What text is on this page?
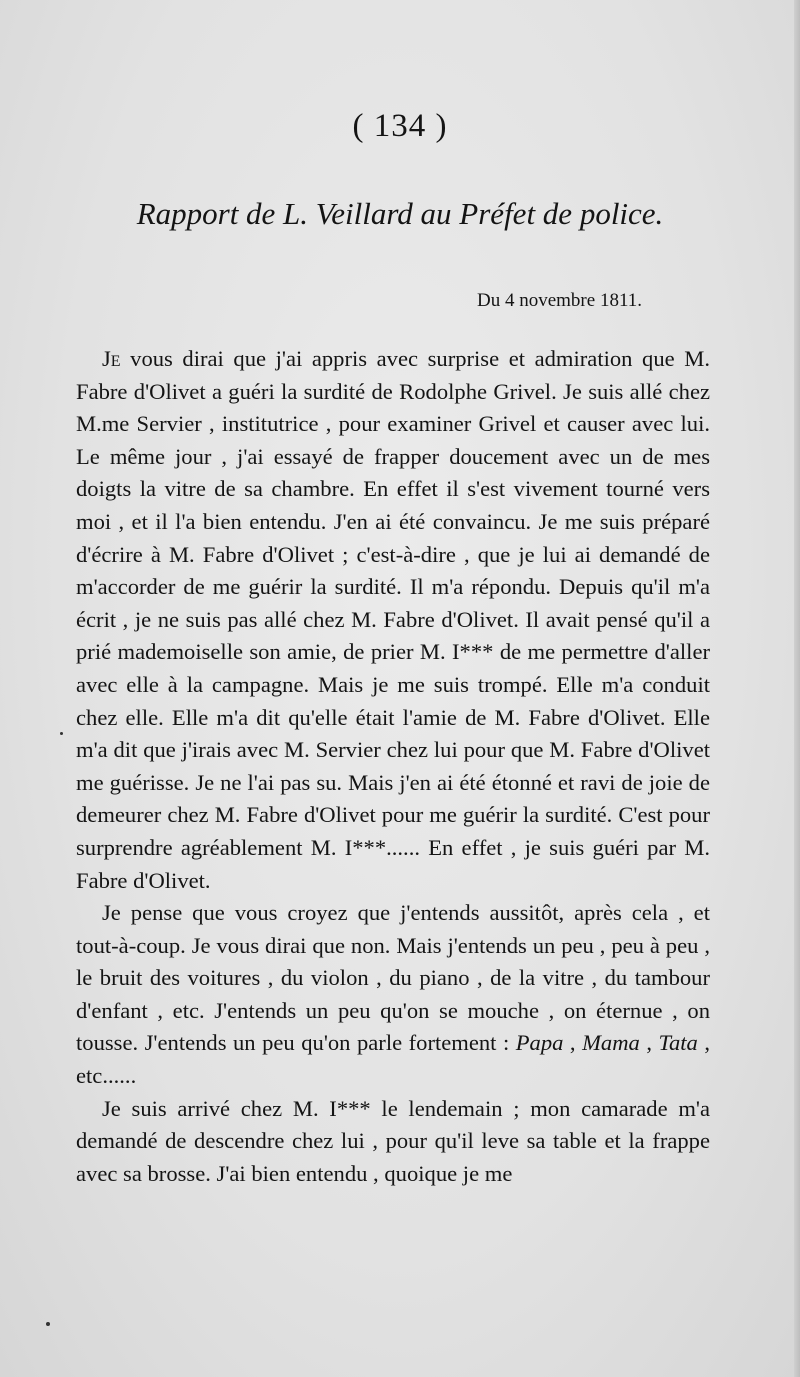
( 134 )
Rapport de L. Veillard au Préfet de police.
Du 4 novembre 1811.

Je vous dirai que j'ai appris avec surprise et admiration que M. Fabre d'Olivet a guéri la surdité de Rodolphe Grivel. Je suis allé chez M.me Servier , institutrice , pour examiner Grivel et causer avec lui. Le même jour , j'ai essayé de frapper doucement avec un de mes doigts la vitre de sa chambre. En effet il s'est vivement tourné vers moi , et il l'a bien entendu. J'en ai été convaincu. Je me suis préparé d'écrire à M. Fabre d'Olivet ; c'est-à-dire , que je lui ai demandé de m'accorder de me guérir la surdité. Il m'a répondu. Depuis qu'il m'a écrit , je ne suis pas allé chez M. Fabre d'Olivet. Il avait pensé qu'il a prié mademoiselle son amie, de prier M. I*** de me permettre d'aller avec elle à la campagne. Mais je me suis trompé. Elle m'a conduit chez elle. Elle m'a dit qu'elle était l'amie de M. Fabre d'Olivet. Elle m'a dit que j'irais avec M. Servier chez lui pour que M. Fabre d'Olivet me guérisse. Je ne l'ai pas su. Mais j'en ai été étonné et ravi de joie de demeurer chez M. Fabre d'Olivet pour me guérir la surdité. C'est pour surprendre agréablement M. I***...... En effet , je suis guéri par M. Fabre d'Olivet.

Je pense que vous croyez que j'entends aussitôt, après cela , et tout-à-coup. Je vous dirai que non. Mais j'entends un peu , peu à peu , le bruit des voitures , du violon , du piano , de la vitre , du tambour d'enfant , etc. J'entends un peu qu'on se mouche , on éternue , on tousse. J'entends un peu qu'on parle fortement : Papa , Mama , Tata , etc......

Je suis arrivé chez M. I*** le lendemain ; mon camarade m'a demandé de descendre chez lui , pour qu'il leve sa table et la frappe avec sa brosse. J'ai bien entendu , quoique je me
